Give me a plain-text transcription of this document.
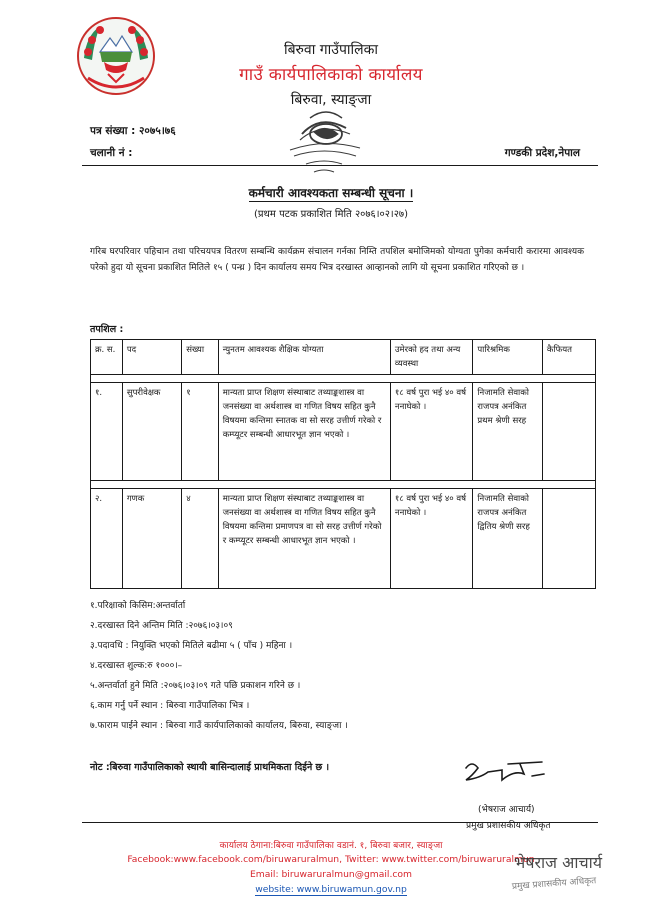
बिरुवा गाउँपालिका
गाउँ कार्यपालिकाको कार्यालय
बिरुवा, स्याङ्जा
पत्र संख्या : २०७५।७६
चलानी नं :	गण्डकी प्रदेश,नेपाल
कर्मचारी आवश्यकता सम्बन्धी सूचना ।
(प्रथम पटक प्रकाशित मिति २०७६।०२।२७)
गरिब घरपरिवार पहिचान तथा परिचयपत्र वितरण सम्बन्धि कार्यक्रम संचालन गर्नका निम्ति तपशिल बमोजिमको योग्यता पुगेका कर्मचारी करारमा आवश्यक परेको हुदा यो सूचना प्रकाशित मितिले १५ ( पन्ध्र ) दिन कार्यालय समय भित्र दरखास्त आव्हानको लागि यो सूचना प्रकाशित गरिएको छ ।
तपशिल :
क्र. स.	पद	संख्या	न्युनतम आवश्यक शैक्षिक योग्यता	उमेरको हद तथा अन्य व्यवस्था	पारिश्रमिक	कैफियत

१.	सुपरीवेक्षक	१	मान्यता प्राप्त शिक्षण संस्थाबाट तथ्याङ्कशास्त्र वा जनसंख्या वा अर्थशास्त्र वा गणित विषय सहित कुनै विषयमा कन्तिमा स्नातक वा सो सरह उत्तीर्ण गरेको र कम्प्यूटर सम्बन्धी आधारभूत ज्ञान भएको ।	१८ वर्ष पुरा भई ४० वर्ष ननाघेको ।	निजामति सेवाको राजपत्र अनंकित प्रथम श्रेणी सरह	

२.	गणक	४	मान्यता प्राप्त शिक्षण संस्थाबाट तथ्याङ्कशास्त्र वा जनसंख्या वा अर्थशास्त्र वा गणित विषय सहित कुनै विषयमा कन्तिमा प्रमाणपत्र वा सो सरह उत्तीर्ण गरेको र कम्प्यूटर सम्बन्धी आधारभूत ज्ञान भएको ।	१८ वर्ष पुरा भई ४० वर्ष ननाघेको ।	निजामति सेवाको राजपत्र अनंकित द्वितिय श्रेणी सरह	
१.परिक्षाको किसिम:अन्तर्वार्ता
२.दरखास्त दिने अन्तिम मिति :२०७६।०३।०९
३.पदावधि : नियुक्ति भएको मितिले बढीमा ५ ( पाँच ) महिना ।
४.दरखास्त शुल्क:रु १०००।–
५.अन्तर्वार्ता हुने मिति :२०७६।०३।०९ गते पछि प्रकाशन गरिने छ ।
६.काम गर्नु पर्ने स्थान : बिरुवा गाउँपालिका भित्र ।
७.फाराम पाईने स्थान : बिरुवा गाउँ कार्यपालिकाको कार्यालय, बिरुवा, स्याङ्जा ।
नोट :बिरुवा गाउँपालिकाको स्थायी बासिन्दालाई प्राथमिकता दिईने छ ।
(भेषराज आचार्य)
प्रमुख प्रशासकीय अधिकृत
कार्यालय ठेगाना:बिरुवा गाउँपालिका वडानं. १, बिरुवा बजार, स्याङ्जा
Facebook:www.facebook.com/biruwaruralmun, Twitter: www.twitter.com/biruwaruralmun
Email: biruwaruralmun@gmail.com
website: www.biruwamun.gov.np
भेषराज आचार्य
प्रमुख प्रशासकीय अधिकृत
